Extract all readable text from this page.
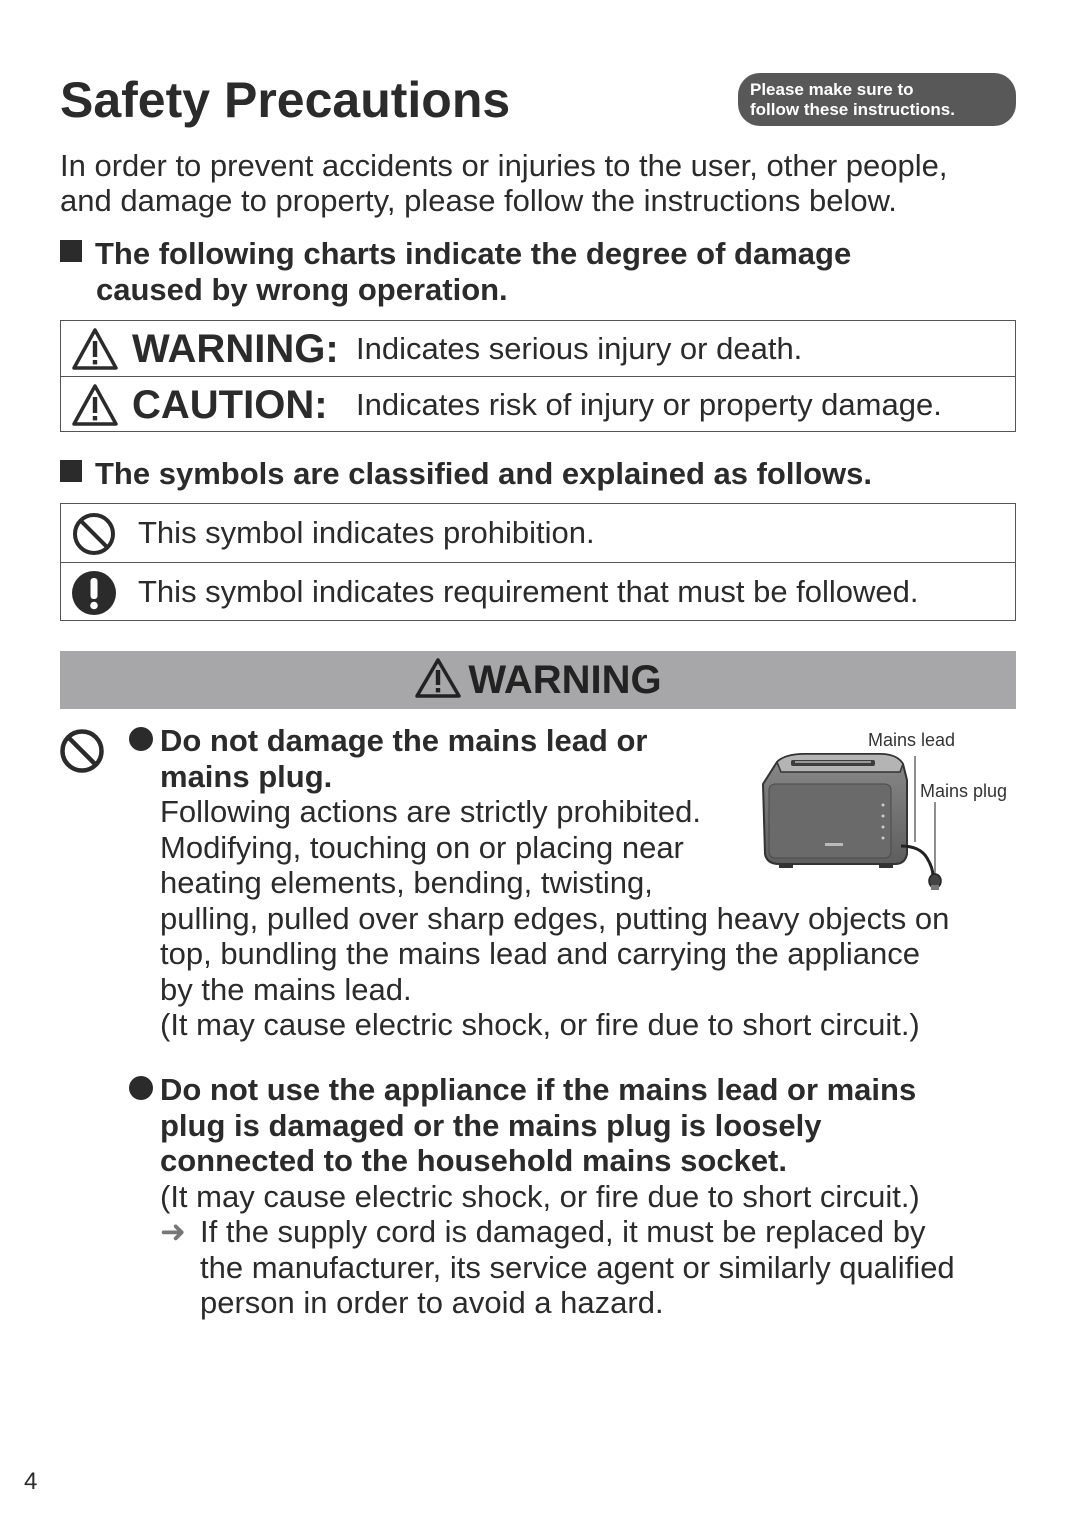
Safety Precautions	Please make sure to
follow these instructions.
In order to prevent accidents or injuries to the user, other people,
and damage to property, please follow the instructions below.
The following charts indicate the degree of damage
caused by wrong operation.
WARNING: Indicates serious injury or death.
CAUTION: Indicates risk of injury or property damage.
The symbols are classified and explained as follows.
This symbol indicates prohibition.
This symbol indicates requirement that must be followed.
WARNING
Do not damage the mains lead or
mains plug.
Following actions are strictly prohibited.
Modifying, touching on or placing near
heating elements, bending, twisting,
pulling, pulled over sharp edges, putting heavy objects on
top, bundling the mains lead and carrying the appliance
by the mains lead.
(It may cause electric shock, or fire due to short circuit.)
Mains lead
Mains plug
Do not use the appliance if the mains lead or mains
plug is damaged or the mains plug is loosely
connected to the household mains socket.
(It may cause electric shock, or fire due to short circuit.)
➜ If the supply cord is damaged, it must be replaced by
the manufacturer, its service agent or similarly qualified
person in order to avoid a hazard.
4
